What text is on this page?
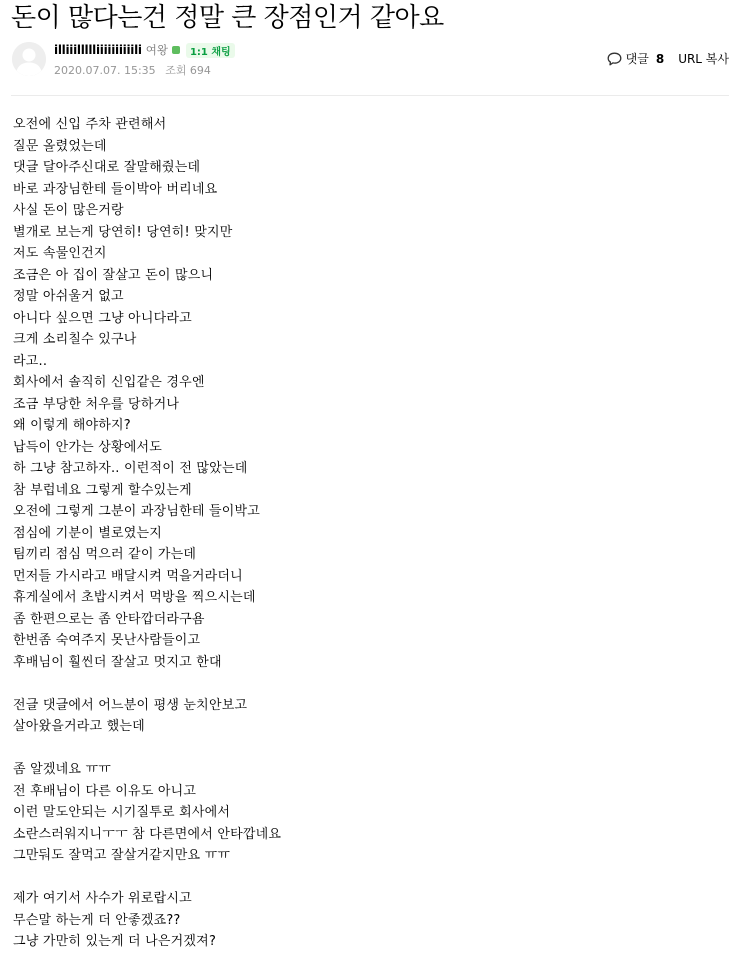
돈이 많다는건 정말 큰 장점인거 같아요
illiiillllliiiiiiiiiili 여왕	1:1 채팅
2020.07.07. 15:35 조회 694
댓글 8 URL 복사

오전에 신입 주차 관련해서

질문 올렸었는데

댓글 달아주신대로 잘말해줬는데

바로 과장님한테 들이박아 버리네요

사실 돈이 많은거랑

별개로 보는게 당연히! 당연히! 맞지만

저도 속물인건지

조금은 아 집이 잘살고 돈이 많으니

정말 아쉬울거 없고

아니다 싶으면 그냥 아니다라고

크게 소리칠수 있구나

라고..

회사에서 솔직히 신입같은 경우엔

조금 부당한 처우를 당하거나

왜 이렇게 해야하지?

납득이 안가는 상황에서도

하 그냥 참고하자.. 이런적이 전 많았는데

참 부럽네요 그렇게 할수있는게

오전에 그렇게 그분이 과장님한테 들이박고

점심에 기분이 별로였는지

팀끼리 점심 먹으러 같이 가는데

먼저들 가시라고 배달시켜 먹을거라더니

휴게실에서 초밥시켜서 먹방을 찍으시는데

좀 한편으로는 좀 안타깝더라구욤

한번좀 숙여주지 못난사람들이고

후배님이 훨씬더 잘살고 멋지고 한대

전글 댓글에서 어느분이 평생 눈치안보고

살아왔을거라고 했는데

좀 알겠네요 ㅠㅠ

전 후배님이 다른 이유도 아니고

이런 말도안되는 시기질투로 회사에서

소란스러워지니ㅜㅜ 참 다른면에서 안타깝네요

그만둬도 잘먹고 잘살거같지만요 ㅠㅠ

제가 여기서 사수가 위로랍시고

무슨말 하는게 더 안좋겠죠??

그냥 가만히 있는게 더 나은거겠져?
